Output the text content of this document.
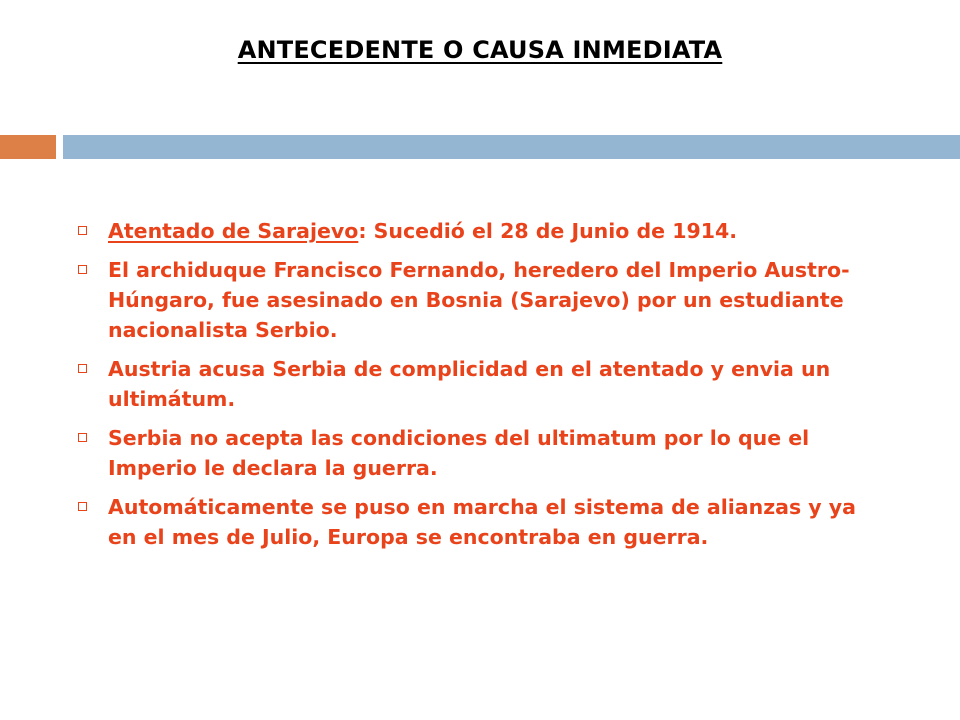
ANTECEDENTE O CAUSA INMEDIATA
Atentado de Sarajevo: Sucedió el 28 de Junio de 1914.
El archiduque Francisco Fernando, heredero del Imperio Austro-Húngaro, fue asesinado en Bosnia (Sarajevo) por un estudiante nacionalista Serbio.
Austria acusa Serbia de complicidad en el atentado y envia un ultimátum.
Serbia no acepta las condiciones del ultimatum por lo que el Imperio le declara la guerra.
Automáticamente se puso en marcha el sistema de alianzas y ya en el mes de Julio, Europa se encontraba en guerra.
